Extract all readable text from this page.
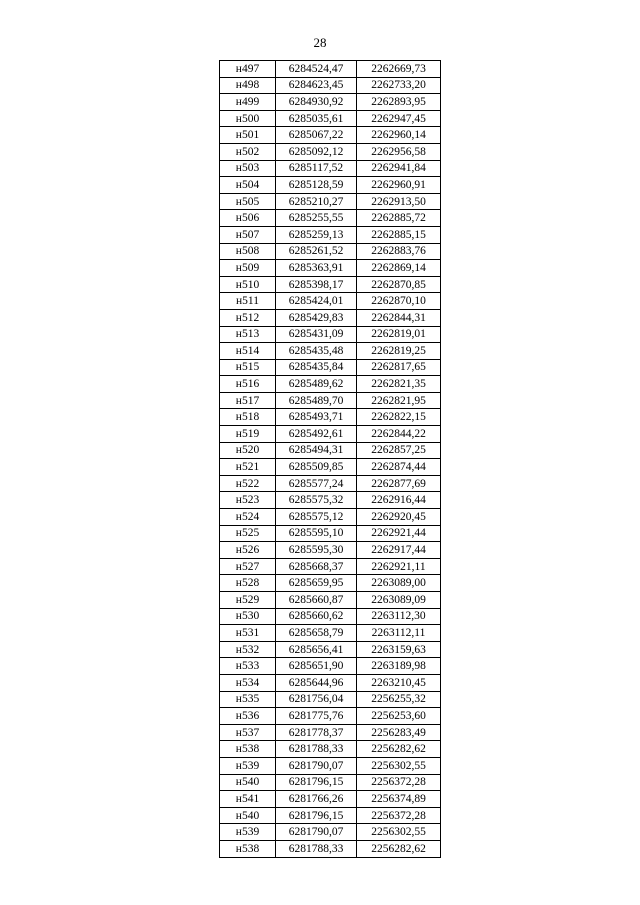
28
н497	6284524,47	2262669,73
н498	6284623,45	2262733,20
н499	6284930,92	2262893,95
н500	6285035,61	2262947,45
н501	6285067,22	2262960,14
н502	6285092,12	2262956,58
н503	6285117,52	2262941,84
н504	6285128,59	2262960,91
н505	6285210,27	2262913,50
н506	6285255,55	2262885,72
н507	6285259,13	2262885,15
н508	6285261,52	2262883,76
н509	6285363,91	2262869,14
н510	6285398,17	2262870,85
н511	6285424,01	2262870,10
н512	6285429,83	2262844,31
н513	6285431,09	2262819,01
н514	6285435,48	2262819,25
н515	6285435,84	2262817,65
н516	6285489,62	2262821,35
н517	6285489,70	2262821,95
н518	6285493,71	2262822,15
н519	6285492,61	2262844,22
н520	6285494,31	2262857,25
н521	6285509,85	2262874,44
н522	6285577,24	2262877,69
н523	6285575,32	2262916,44
н524	6285575,12	2262920,45
н525	6285595,10	2262921,44
н526	6285595,30	2262917,44
н527	6285668,37	2262921,11
н528	6285659,95	2263089,00
н529	6285660,87	2263089,09
н530	6285660,62	2263112,30
н531	6285658,79	2263112,11
н532	6285656,41	2263159,63
н533	6285651,90	2263189,98
н534	6285644,96	2263210,45
н535	6281756,04	2256255,32
н536	6281775,76	2256253,60
н537	6281778,37	2256283,49
н538	6281788,33	2256282,62
н539	6281790,07	2256302,55
н540	6281796,15	2256372,28
н541	6281766,26	2256374,89
н540	6281796,15	2256372,28
н539	6281790,07	2256302,55
н538	6281788,33	2256282,62
